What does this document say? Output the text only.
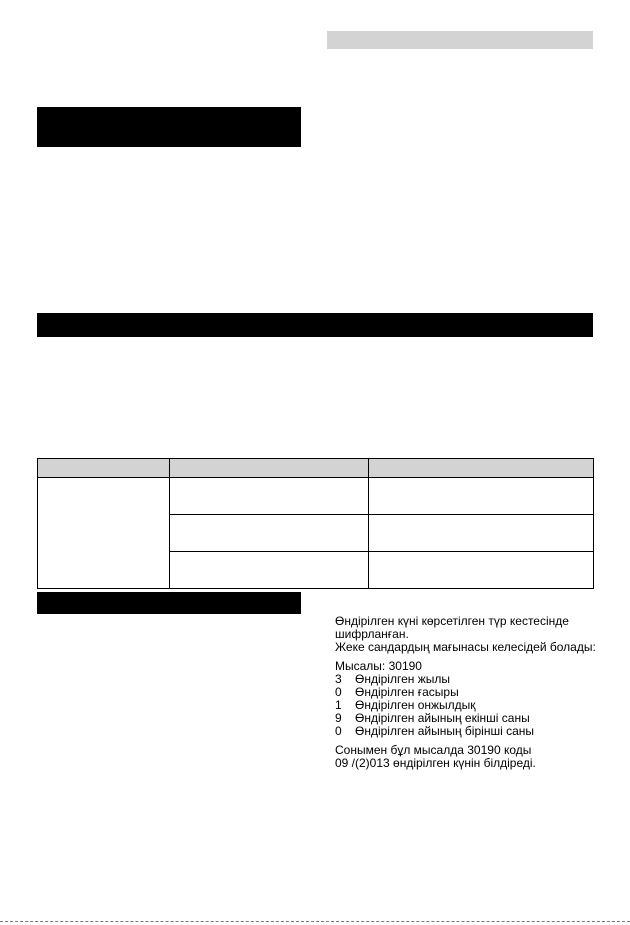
Өндірілген күні көрсетілген түр кестесінде

шифрланған.

Жеке сандардың мағынасы келесідей болады:

Мысалы: 30190

3	Өндірілген жылы
0	Өндірілген ғасыры
1	Өндірілген онжылдық
9	Өндірілген айының екінші саны
0	Өндірілген айының бірінші саны

Сонымен бұл мысалда 30190 коды

09 /(2)013 өндірілген күнін білдіреді.
